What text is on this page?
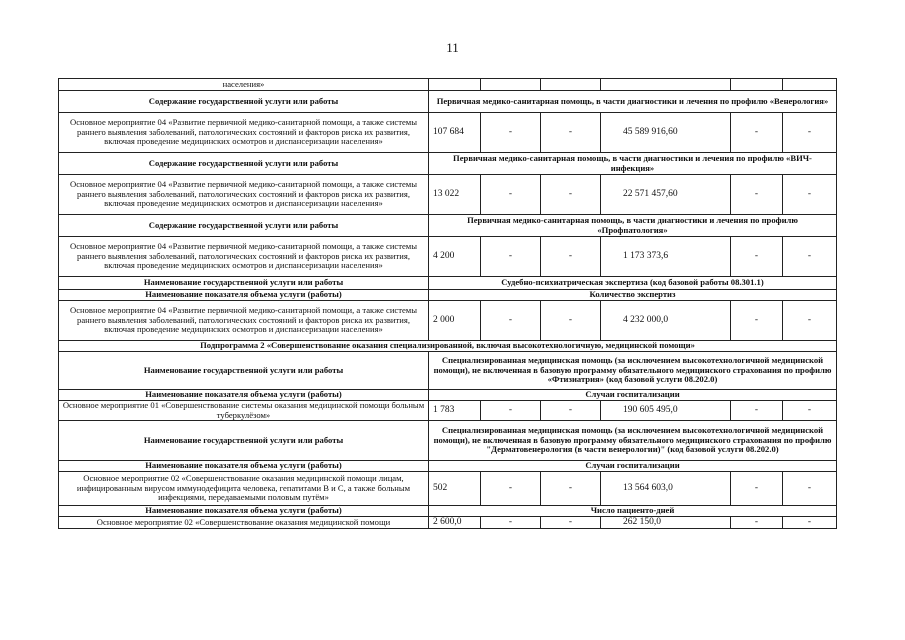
11
населения»						
Содержание государственной услуги или работы	Первичная медико-санитарная помощь, в части диагностики и лечения по профилю «Венерология»					
Основное мероприятие 04 «Развитие первичной медико-санитарной помощи, а также системы раннего выявления заболеваний, патологических состояний и факторов риска их развития, включая проведение медицинских осмотров и диспансеризации населения»	107 684	-	-	45 589 916,60	-	-
Содержание государственной услуги или работы	Первичная медико-санитарная помощь, в части диагностики и лечения по профилю «ВИЧ-инфекция»					
Основное мероприятие 04 «Развитие первичной медико-санитарной помощи, а также системы раннего выявления заболеваний, патологических состояний и факторов риска их развития, включая проведение медицинских осмотров и диспансеризации населения»	13 022	-	-	22 571 457,60	-	-
Содержание государственной услуги или работы	Первичная медико-санитарная помощь, в части диагностики и лечения по профилю «Профпатология»					
Основное мероприятие 04 «Развитие первичной медико-санитарной помощи, а также системы раннего выявления заболеваний, патологических состояний и факторов риска их развития, включая проведение медицинских осмотров и диспансеризации населения»	4 200	-	-	1 173 373,6	-	-
Наименование государственной услуги или работы	Судебно-психиатрическая экспертиза (код базовой работы 08.301.1)					
Наименование показателя объема услуги (работы)	Количество экспертиз					
Основное мероприятие 04 «Развитие первичной медико-санитарной помощи, а также системы раннего выявления заболеваний, патологических состояний и факторов риска их развития, включая проведение медицинских осмотров и диспансеризации населения»	2 000	-	-	4 232 000,0	-	-
Подпрограмма 2 «Совершенствование оказания специализированной, включая высокотехнологичную, медицинской помощи»						
Наименование государственной услуги или работы	Специализированная медицинская помощь (за исключением высокотехнологичной медицинской помощи), не включенная в базовую программу обязательного медицинского страхования по профилю «Фтизиатрия» (код базовой услуги 08.202.0)					
Наименование показателя объема услуги (работы)	Случаи госпитализации					
Основное мероприятие 01 «Совершенствование системы оказания медицинской помощи больным туберкулёзом»	1 783	-	-	190 605 495,0	-	-
Наименование государственной услуги или работы	Специализированная медицинская помощь (за исключением высокотехнологичной медицинской помощи), не включенная в базовую программу обязательного медицинского страхования по профилю "Дерматовенерология (в части венерологии)" (код базовой услуги 08.202.0)					
Наименование показателя объема услуги (работы)	Случаи госпитализации					
Основное мероприятие 02 «Совершенствование оказания медицинской помощи лицам, инфицированным вирусом иммунодефицита человека, гепатитами В и С, а также больным инфекциями, передаваемыми половым путём»	502	-	-	13 564 603,0	-	-
Наименование показателя объема услуги (работы)	Число пациенто-дней					
Основное мероприятие 02 «Совершенствование оказания медицинской помощи	2 600,0	-	-	262 150,0	-	-
